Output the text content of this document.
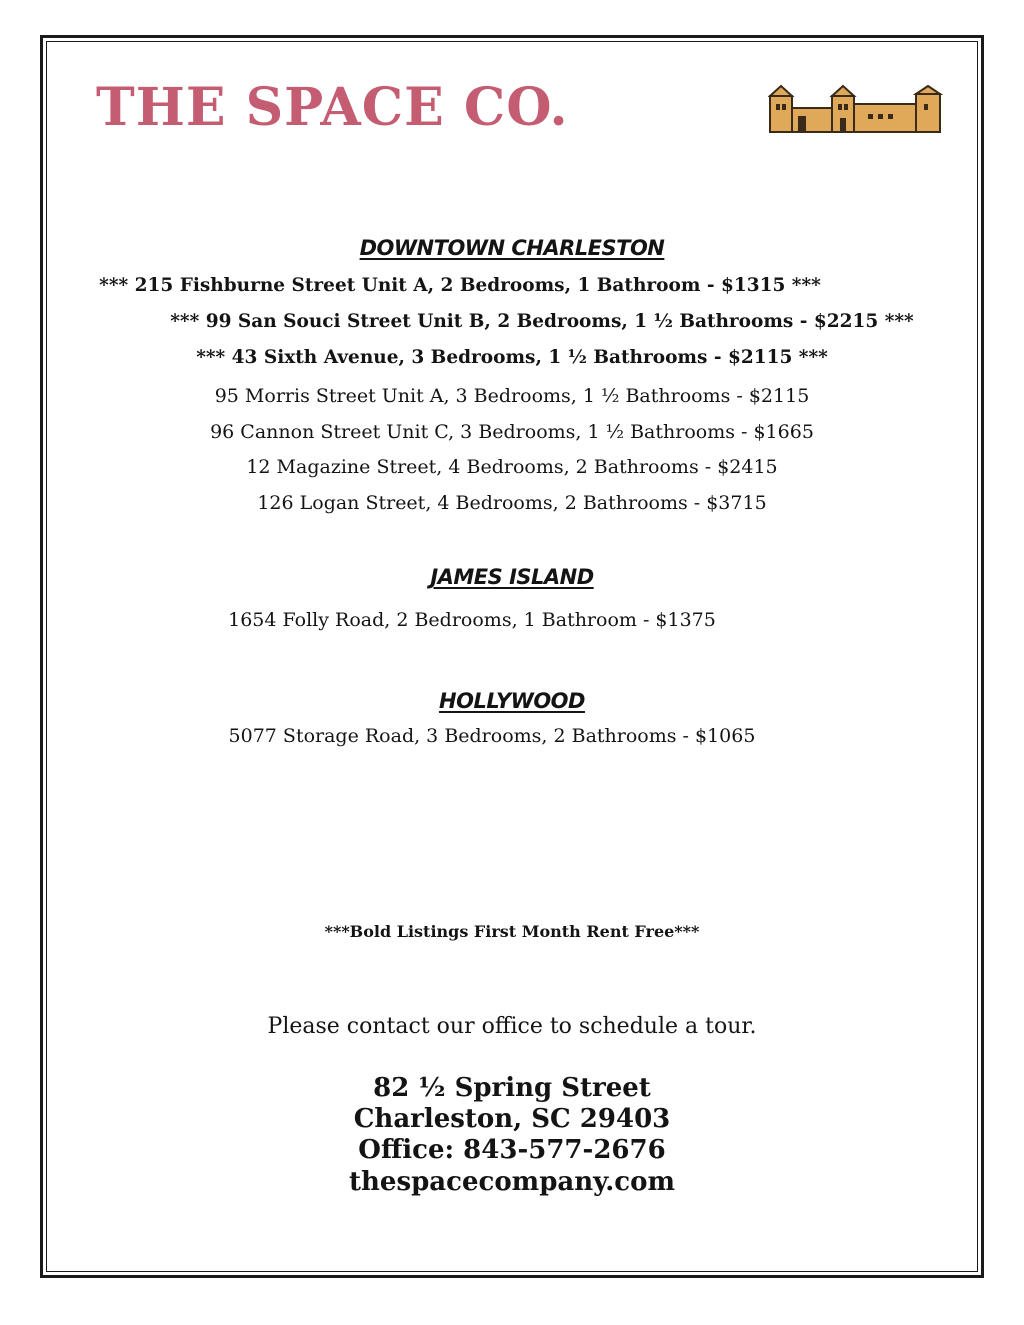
THE SPACE CO.
DOWNTOWN CHARLESTON
*** 215 Fishburne Street Unit A, 2 Bedrooms, 1 Bathroom - $1315 ***
*** 99 San Souci Street Unit B, 2 Bedrooms, 1 ½ Bathrooms - $2215 ***
*** 43 Sixth Avenue, 3 Bedrooms, 1 ½ Bathrooms - $2115 ***
95 Morris Street Unit A, 3 Bedrooms, 1 ½ Bathrooms - $2115
96 Cannon Street Unit C, 3 Bedrooms, 1 ½ Bathrooms - $1665
12 Magazine Street, 4 Bedrooms, 2 Bathrooms - $2415
126 Logan Street, 4 Bedrooms, 2 Bathrooms - $3715
JAMES ISLAND
1654 Folly Road, 2 Bedrooms, 1 Bathroom - $1375
HOLLYWOOD
5077 Storage Road, 3 Bedrooms, 2 Bathrooms - $1065
***Bold Listings First Month Rent Free***
Please contact our office to schedule a tour.
82 ½ Spring Street
Charleston, SC 29403
Office: 843-577-2676
thespacecompany.com
